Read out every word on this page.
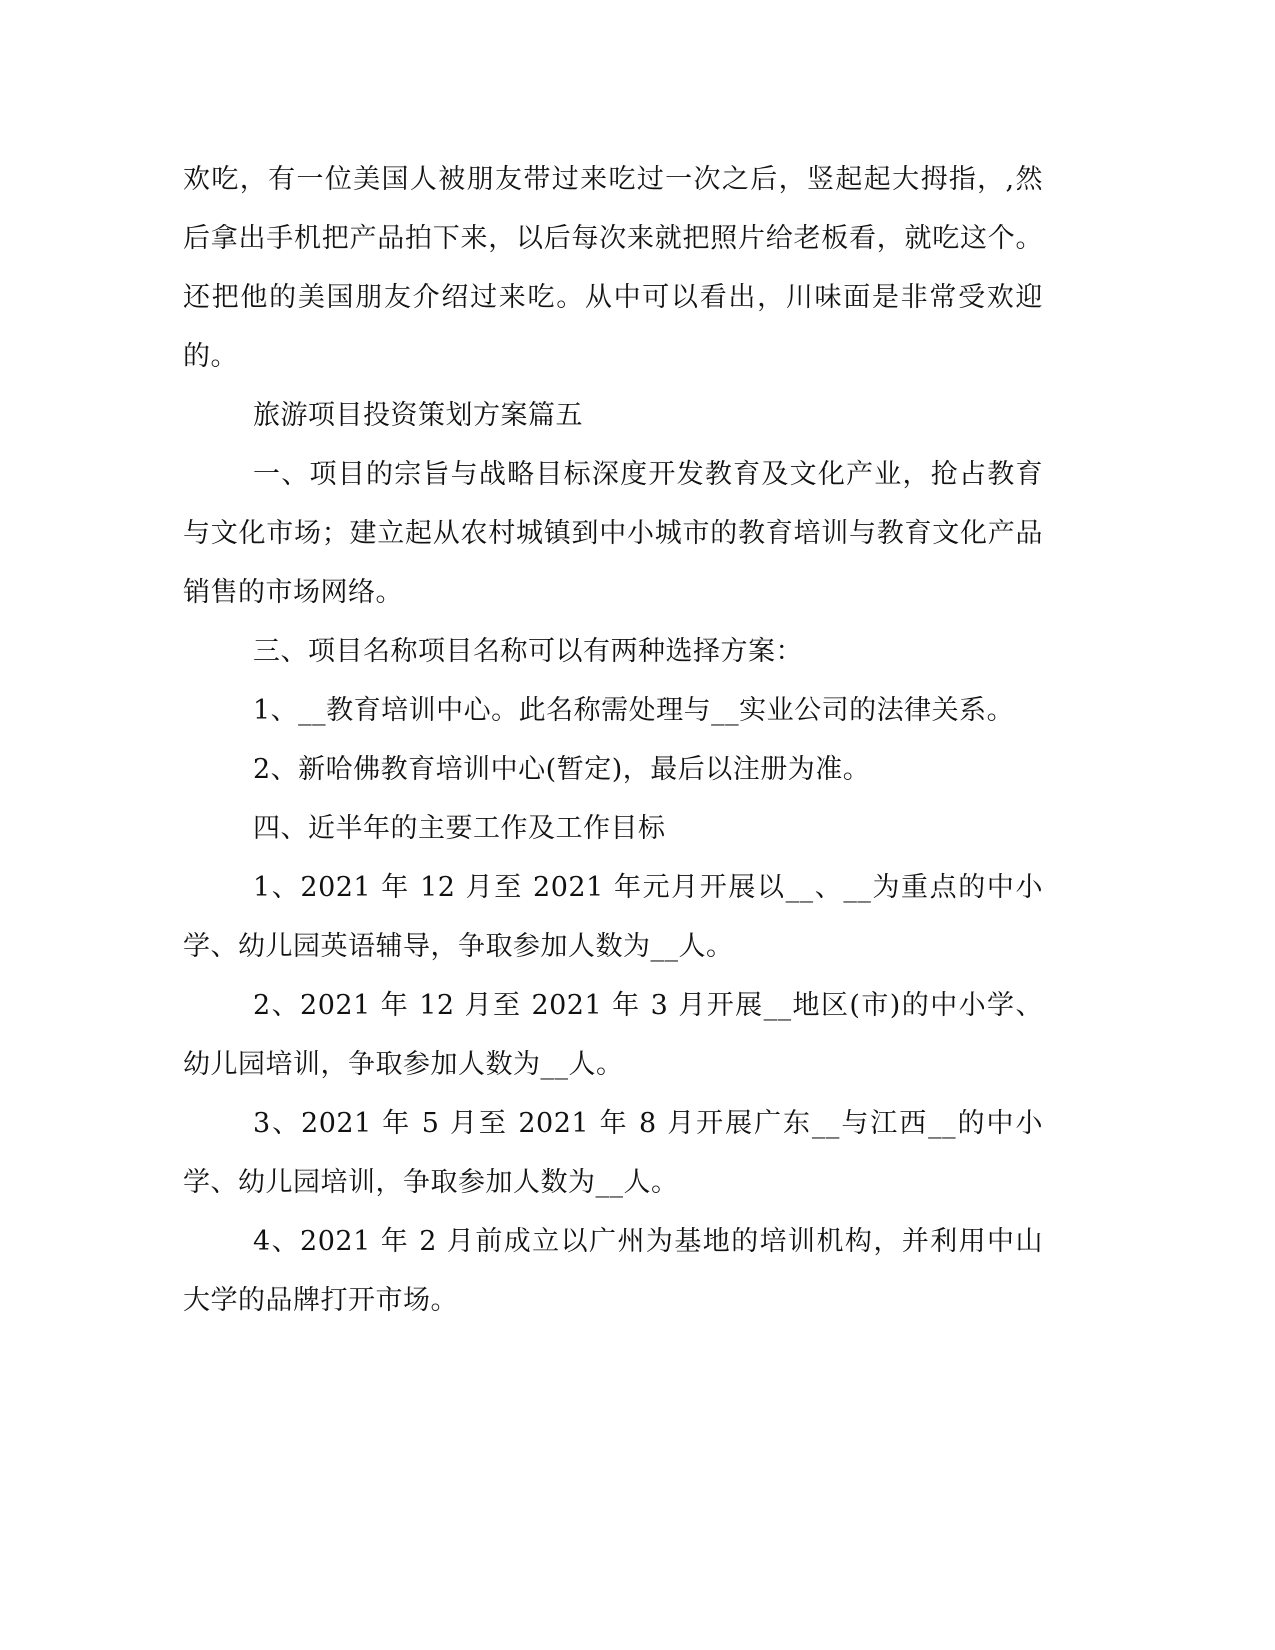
欢吃，有一位美国人被朋友带过来吃过一次之后，竖起起大拇指，,然后拿出手机把产品拍下来，以后每次来就把照片给老板看，就吃这个。还把他的美国朋友介绍过来吃。从中可以看出，川味面是非常受欢迎的。

旅游项目投资策划方案篇五

一、项目的宗旨与战略目标深度开发教育及文化产业，抢占教育与文化市场；建立起从农村城镇到中小城市的教育培训与教育文化产品销售的市场网络。

三、项目名称项目名称可以有两种选择方案：

1、__教育培训中心。此名称需处理与__实业公司的法律关系。

2、新哈佛教育培训中心(暂定)，最后以注册为准。

四、近半年的主要工作及工作目标

1、2021 年 12 月至 2021 年元月开展以__、__为重点的中小学、幼儿园英语辅导，争取参加人数为__人。

2、2021 年 12 月至 2021 年 3 月开展__地区(市)的中小学、幼儿园培训，争取参加人数为__人。

3、2021 年 5 月至 2021 年 8 月开展广东__与江西__的中小学、幼儿园培训，争取参加人数为__人。

4、2021 年 2 月前成立以广州为基地的培训机构，并利用中山大学的品牌打开市场。
